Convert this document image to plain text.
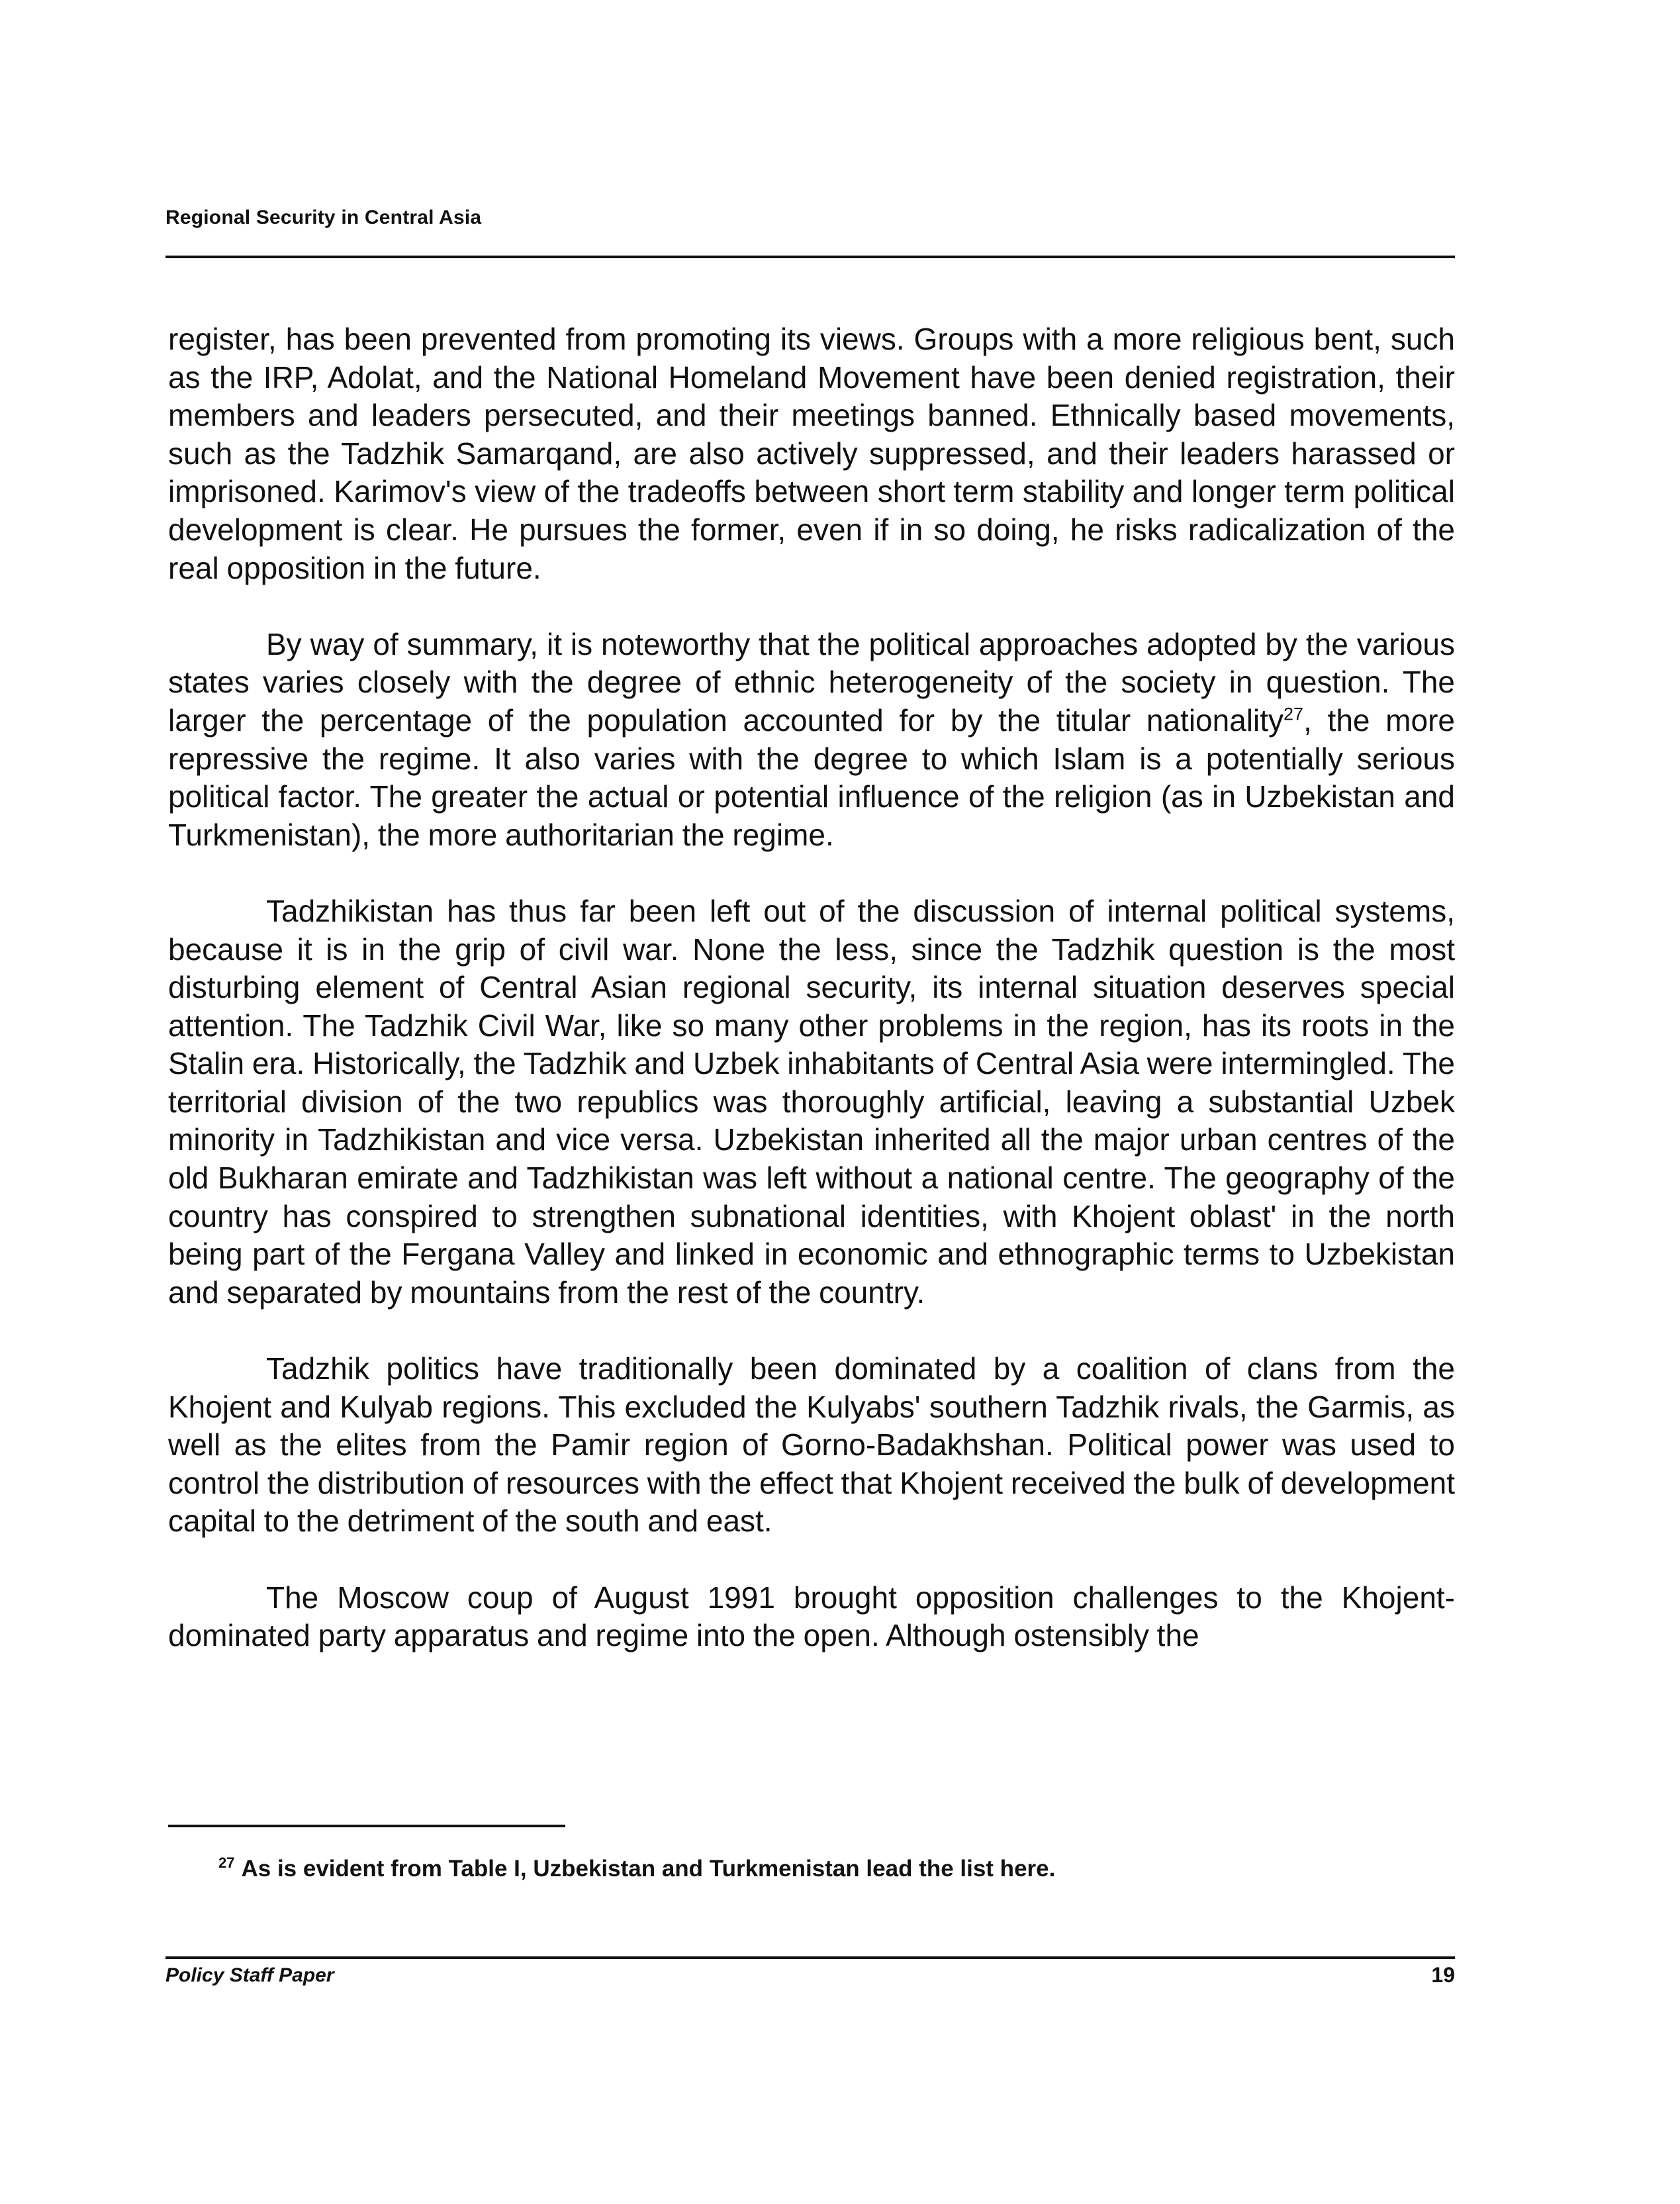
Regional Security in Central Asia

register, has been prevented from promoting its views. Groups with a more religious bent, such as the IRP, Adolat, and the National Homeland Movement have been denied registration, their members and leaders persecuted, and their meetings banned. Ethnically based movements, such as the Tadzhik Samarqand, are also actively suppressed, and their leaders harassed or imprisoned. Karimov's view of the tradeoffs between short term stability and longer term political development is clear. He pursues the former, even if in so doing, he risks radicalization of the real opposition in the future.

By way of summary, it is noteworthy that the political approaches adopted by the various states varies closely with the degree of ethnic heterogeneity of the society in question. The larger the percentage of the population accounted for by the titular nationality$^{27}$, the more repressive the regime. It also varies with the degree to which Islam is a potentially serious political factor. The greater the actual or potential influence of the religion (as in Uzbekistan and Turkmenistan), the more authoritarian the regime.

Tadzhikistan has thus far been left out of the discussion of internal political systems, because it is in the grip of civil war. None the less, since the Tadzhik question is the most disturbing element of Central Asian regional security, its internal situation deserves special attention. The Tadzhik Civil War, like so many other problems in the region, has its roots in the Stalin era. Historically, the Tadzhik and Uzbek inhabitants of Central Asia were intermingled. The territorial division of the two republics was thoroughly artificial, leaving a substantial Uzbek minority in Tadzhikistan and vice versa. Uzbekistan inherited all the major urban centres of the old Bukharan emirate and Tadzhikistan was left without a national centre. The geography of the country has conspired to strengthen subnational identities, with Khojent oblast' in the north being part of the Fergana Valley and linked in economic and ethnographic terms to Uzbekistan and separated by mountains from the rest of the country.

Tadzhik politics have traditionally been dominated by a coalition of clans from the Khojent and Kulyab regions. This excluded the Kulyabs' southern Tadzhik rivals, the Garmis, as well as the elites from the Pamir region of Gorno-Badakhshan. Political power was used to control the distribution of resources with the effect that Khojent received the bulk of development capital to the detriment of the south and east.

The Moscow coup of August 1991 brought opposition challenges to the Khojent-dominated party apparatus and regime into the open. Although ostensibly the

$^{27}$ As is evident from Table I, Uzbekistan and Turkmenistan lead the list here.
Policy Staff Paper	19
